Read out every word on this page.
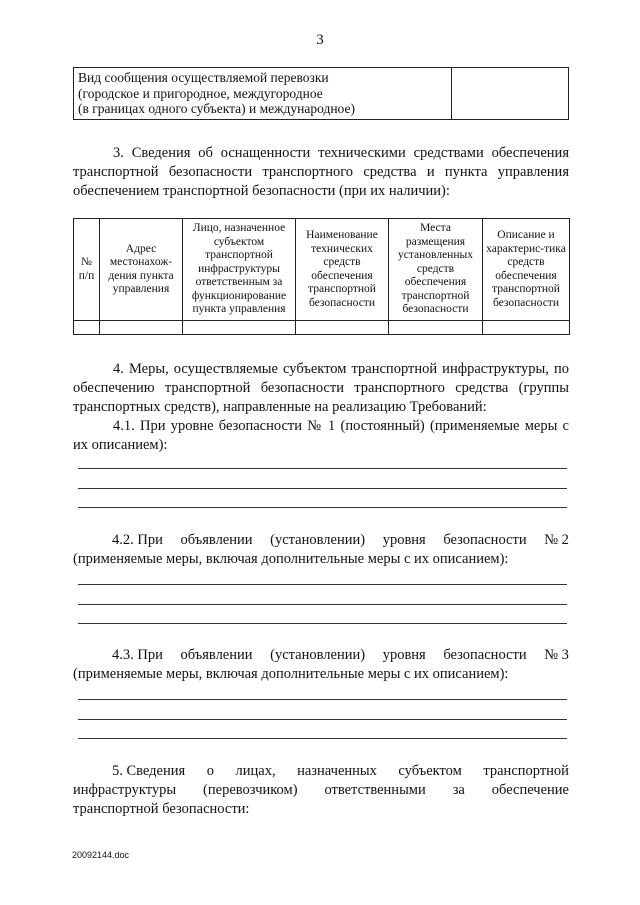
3
Вид сообщения осуществляемой перевозки
(городское и пригородное, междугородное
(в границах одного субъекта) и международное)

3. Сведения об оснащенности техническими средствами обеспечения транспортной безопасности транспортного средства и пункта управления обеспечением транспортной безопасности (при их наличии):
№ п/п	Адрес местонахож-дения пункта управления	Лицо, назначенное субъектом транспортной инфраструктуры ответственным за функционирование пункта управления	Наименование технических средств обеспечения транспортной безопасности	Места размещения установленных средств обеспечения транспортной безопасности	Описание и характерис-тика средств обеспечения транспортной безопасности

4. Меры, осуществляемые субъектом транспортной инфраструктуры, по обеспечению транспортной безопасности транспортного средства (группы транспортных средств), направленные на реализацию Требований:
4.1. При уровне безопасности № 1 (постоянный) (применяемые меры с их описанием):
4.2. При объявлении (установлении) уровня безопасности № 2
(применяемые меры, включая дополнительные меры с их описанием):
4.3. При объявлении (установлении) уровня безопасности № 3
(применяемые меры, включая дополнительные меры с их описанием):
5. Сведения о лицах, назначенных субъектом транспортной
инфраструктуры (перевозчиком) ответственными за обеспечение
транспортной безопасности:
20092144.doc
